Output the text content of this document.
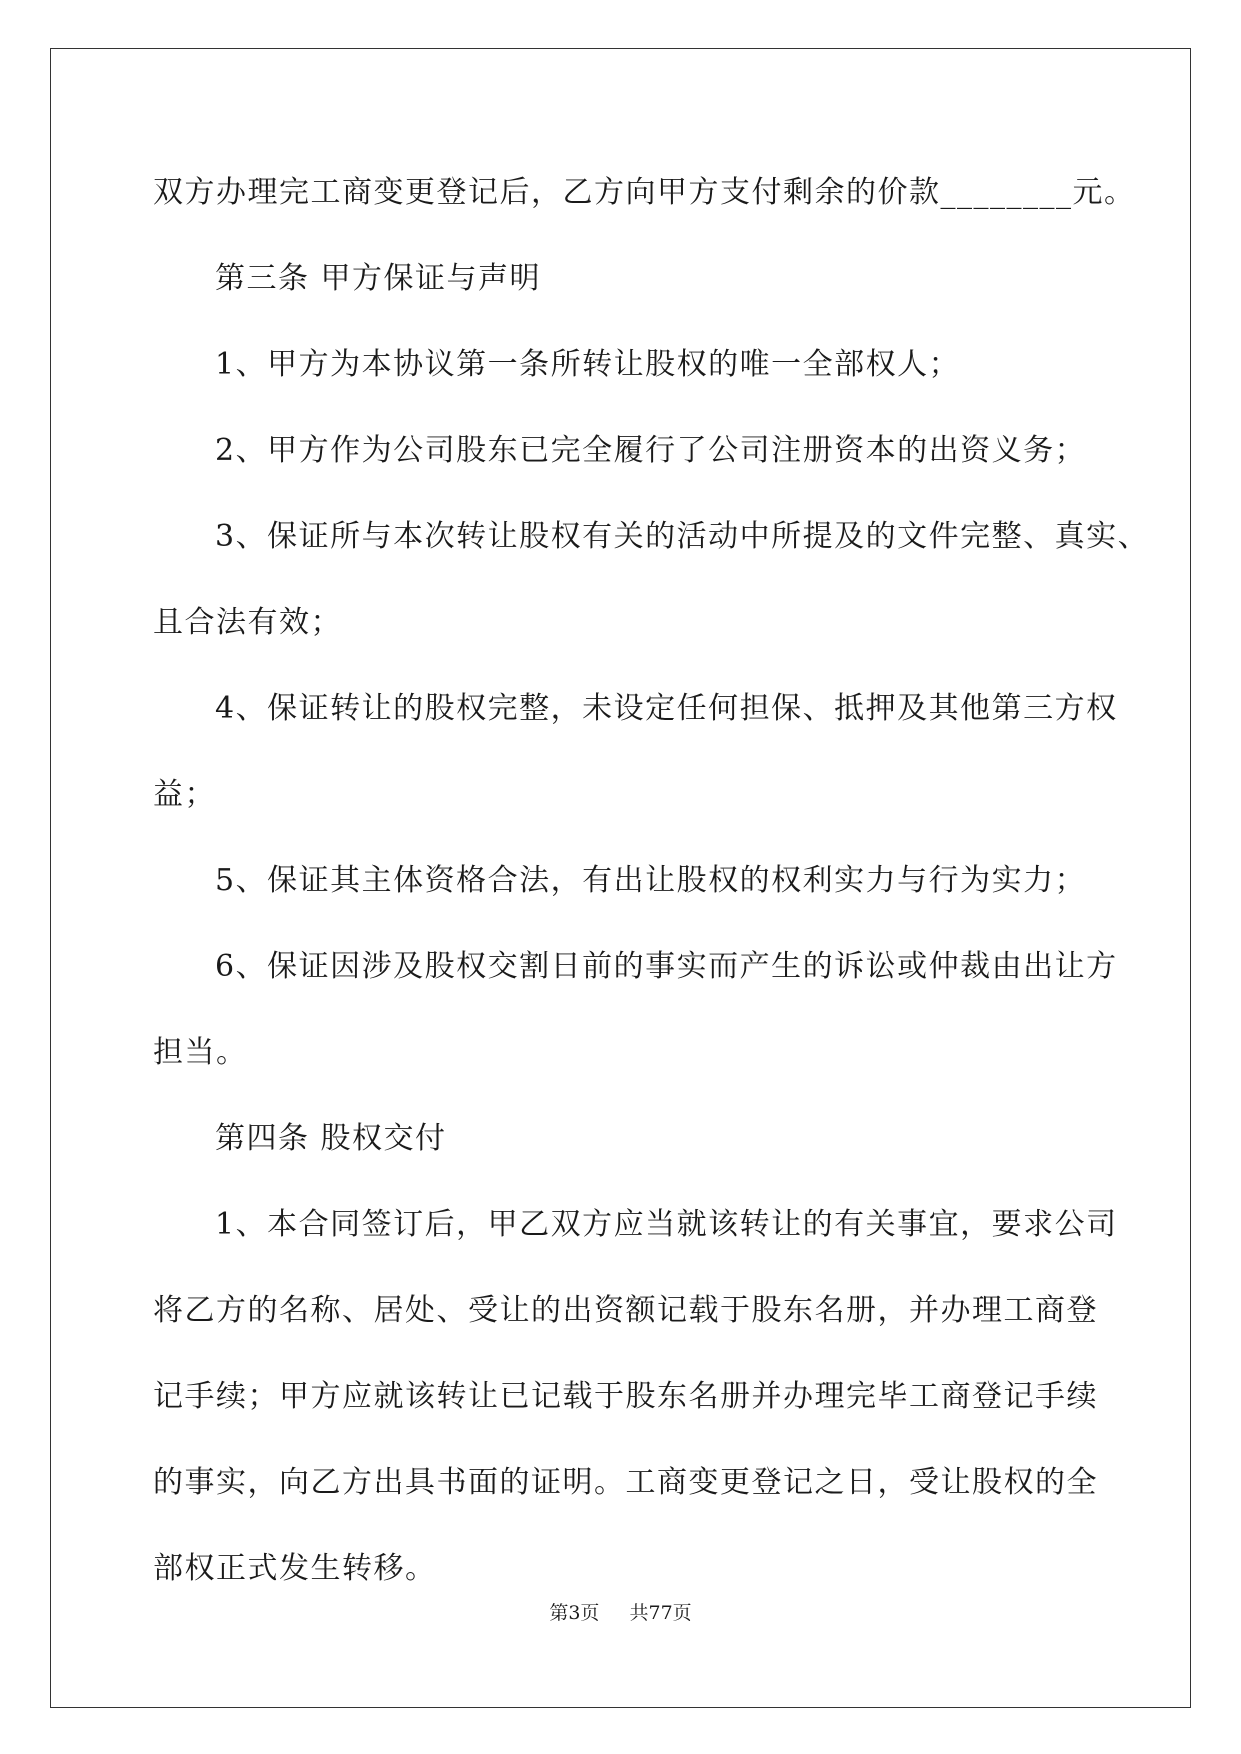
双方办理完工商变更登记后，乙方向甲方支付剩余的价款________元。
第三条 甲方保证与声明
1、甲方为本协议第一条所转让股权的唯一全部权人；
2、甲方作为公司股东已完全履行了公司注册资本的出资义务；
3、保证所与本次转让股权有关的活动中所提及的文件完整、真实、
且合法有效；
4、保证转让的股权完整，未设定任何担保、抵押及其他第三方权
益；
5、保证其主体资格合法，有出让股权的权利实力与行为实力；
6、保证因涉及股权交割日前的事实而产生的诉讼或仲裁由出让方
担当。
第四条 股权交付
1、本合同签订后，甲乙双方应当就该转让的有关事宜，要求公司
将乙方的名称、居处、受让的出资额记载于股东名册，并办理工商登
记手续；甲方应就该转让已记载于股东名册并办理完毕工商登记手续
的事实，向乙方出具书面的证明。工商变更登记之日，受让股权的全
部权正式发生转移。
第3页 共77页
